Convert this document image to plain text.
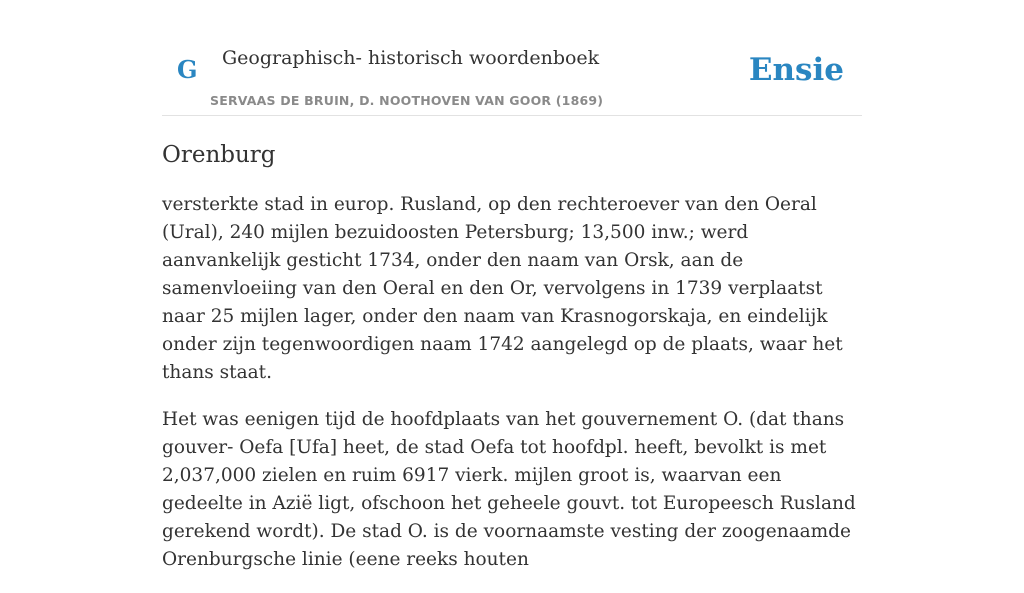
G Geographisch- historisch woordenboek
SERVAAS DE BRUIN, D. NOOTHOVEN VAN GOOR (1869)
Ensie
Orenburg

versterkte stad in europ. Rusland, op den rechteroever van den Oeral (Ural), 240 mijlen bezuidoosten Petersburg; 13,500 inw.; werd aanvankelijk gesticht 1734, onder den naam van Orsk, aan de samenvloeiing van den Oeral en den Or, vervolgens in 1739 verplaatst naar 25 mijlen lager, onder den naam van Krasnogorskaja, en eindelijk onder zijn tegenwoordigen naam 1742 aangelegd op de plaats, waar het thans staat.

Het was eenigen tijd de hoofdplaats van het gouvernement O. (dat thans gouver- Oefa [Ufa] heet, de stad Oefa tot hoofdpl. heeft, bevolkt is met 2,037,000 zielen en ruim 6917 vierk. mijlen groot is, waarvan een gedeelte in Azië ligt, ofschoon het geheele gouvt. tot Europeesch Rusland gerekend wordt). De stad O. is de voornaamste vesting der zoogenaamde Orenburgsche linie (eene reeks houten
